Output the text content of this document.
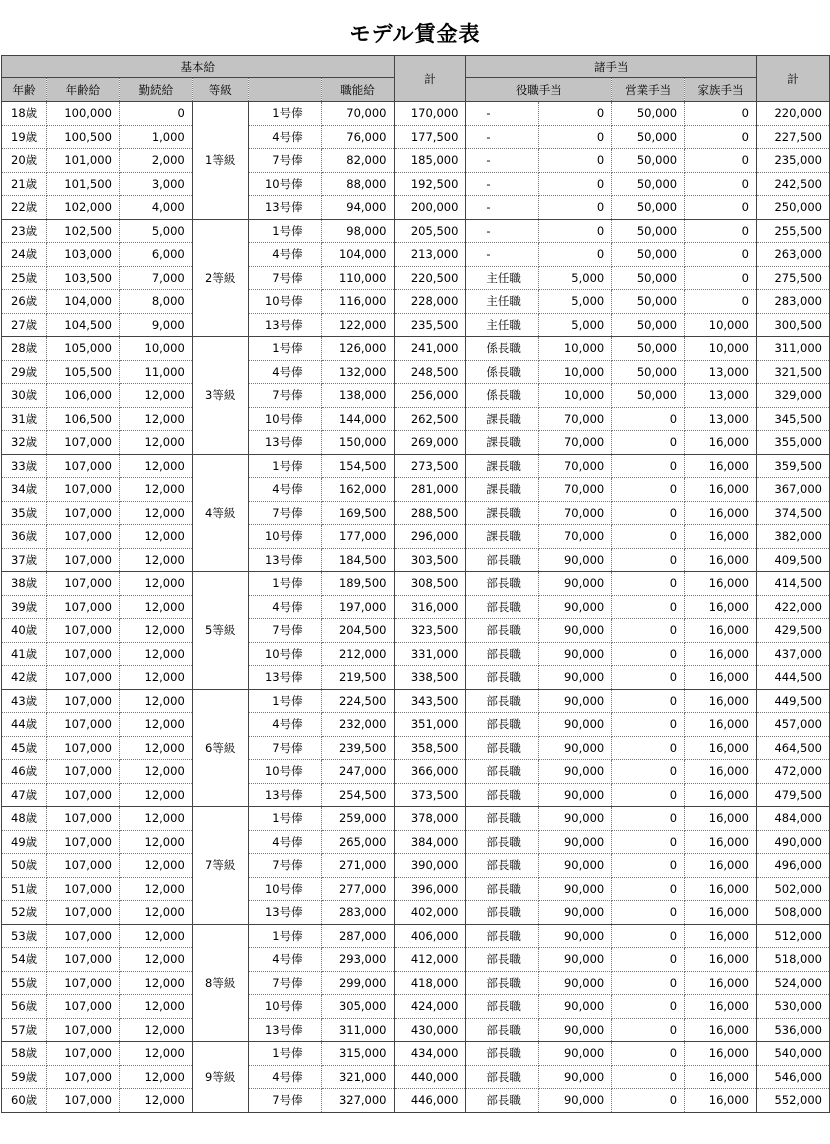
モデル賃金表
基本給						計	諸手当				計
年齢	年齢給	勤続給	等級		職能給		役職手当		営業手当	家族手当	
18歳	100,000	0	1等級	1号俸	70,000	170,000	-	0	50,000	0	220,000
19歳	100,500	1,000		4号俸	76,000	177,500	-	0	50,000	0	227,500
20歳	101,000	2,000		7号俸	82,000	185,000	-	0	50,000	0	235,000
21歳	101,500	3,000		10号俸	88,000	192,500	-	0	50,000	0	242,500
22歳	102,000	4,000		13号俸	94,000	200,000	-	0	50,000	0	250,000
23歳	102,500	5,000	2等級	1号俸	98,000	205,500	-	0	50,000	0	255,500
24歳	103,000	6,000		4号俸	104,000	213,000	-	0	50,000	0	263,000
25歳	103,500	7,000		7号俸	110,000	220,500	主任職	5,000	50,000	0	275,500
26歳	104,000	8,000		10号俸	116,000	228,000	主任職	5,000	50,000	0	283,000
27歳	104,500	9,000		13号俸	122,000	235,500	主任職	5,000	50,000	10,000	300,500
28歳	105,000	10,000	3等級	1号俸	126,000	241,000	係長職	10,000	50,000	10,000	311,000
29歳	105,500	11,000		4号俸	132,000	248,500	係長職	10,000	50,000	13,000	321,500
30歳	106,000	12,000		7号俸	138,000	256,000	係長職	10,000	50,000	13,000	329,000
31歳	106,500	12,000		10号俸	144,000	262,500	課長職	70,000	0	13,000	345,500
32歳	107,000	12,000		13号俸	150,000	269,000	課長職	70,000	0	16,000	355,000
33歳	107,000	12,000	4等級	1号俸	154,500	273,500	課長職	70,000	0	16,000	359,500
34歳	107,000	12,000		4号俸	162,000	281,000	課長職	70,000	0	16,000	367,000
35歳	107,000	12,000		7号俸	169,500	288,500	課長職	70,000	0	16,000	374,500
36歳	107,000	12,000		10号俸	177,000	296,000	課長職	70,000	0	16,000	382,000
37歳	107,000	12,000		13号俸	184,500	303,500	部長職	90,000	0	16,000	409,500
38歳	107,000	12,000	5等級	1号俸	189,500	308,500	部長職	90,000	0	16,000	414,500
39歳	107,000	12,000		4号俸	197,000	316,000	部長職	90,000	0	16,000	422,000
40歳	107,000	12,000		7号俸	204,500	323,500	部長職	90,000	0	16,000	429,500
41歳	107,000	12,000		10号俸	212,000	331,000	部長職	90,000	0	16,000	437,000
42歳	107,000	12,000		13号俸	219,500	338,500	部長職	90,000	0	16,000	444,500
43歳	107,000	12,000	6等級	1号俸	224,500	343,500	部長職	90,000	0	16,000	449,500
44歳	107,000	12,000		4号俸	232,000	351,000	部長職	90,000	0	16,000	457,000
45歳	107,000	12,000		7号俸	239,500	358,500	部長職	90,000	0	16,000	464,500
46歳	107,000	12,000		10号俸	247,000	366,000	部長職	90,000	0	16,000	472,000
47歳	107,000	12,000		13号俸	254,500	373,500	部長職	90,000	0	16,000	479,500
48歳	107,000	12,000	7等級	1号俸	259,000	378,000	部長職	90,000	0	16,000	484,000
49歳	107,000	12,000		4号俸	265,000	384,000	部長職	90,000	0	16,000	490,000
50歳	107,000	12,000		7号俸	271,000	390,000	部長職	90,000	0	16,000	496,000
51歳	107,000	12,000		10号俸	277,000	396,000	部長職	90,000	0	16,000	502,000
52歳	107,000	12,000		13号俸	283,000	402,000	部長職	90,000	0	16,000	508,000
53歳	107,000	12,000	8等級	1号俸	287,000	406,000	部長職	90,000	0	16,000	512,000
54歳	107,000	12,000		4号俸	293,000	412,000	部長職	90,000	0	16,000	518,000
55歳	107,000	12,000		7号俸	299,000	418,000	部長職	90,000	0	16,000	524,000
56歳	107,000	12,000		10号俸	305,000	424,000	部長職	90,000	0	16,000	530,000
57歳	107,000	12,000		13号俸	311,000	430,000	部長職	90,000	0	16,000	536,000
58歳	107,000	12,000	9等級	1号俸	315,000	434,000	部長職	90,000	0	16,000	540,000
59歳	107,000	12,000		4号俸	321,000	440,000	部長職	90,000	0	16,000	546,000
60歳	107,000	12,000		7号俸	327,000	446,000	部長職	90,000	0	16,000	552,000
